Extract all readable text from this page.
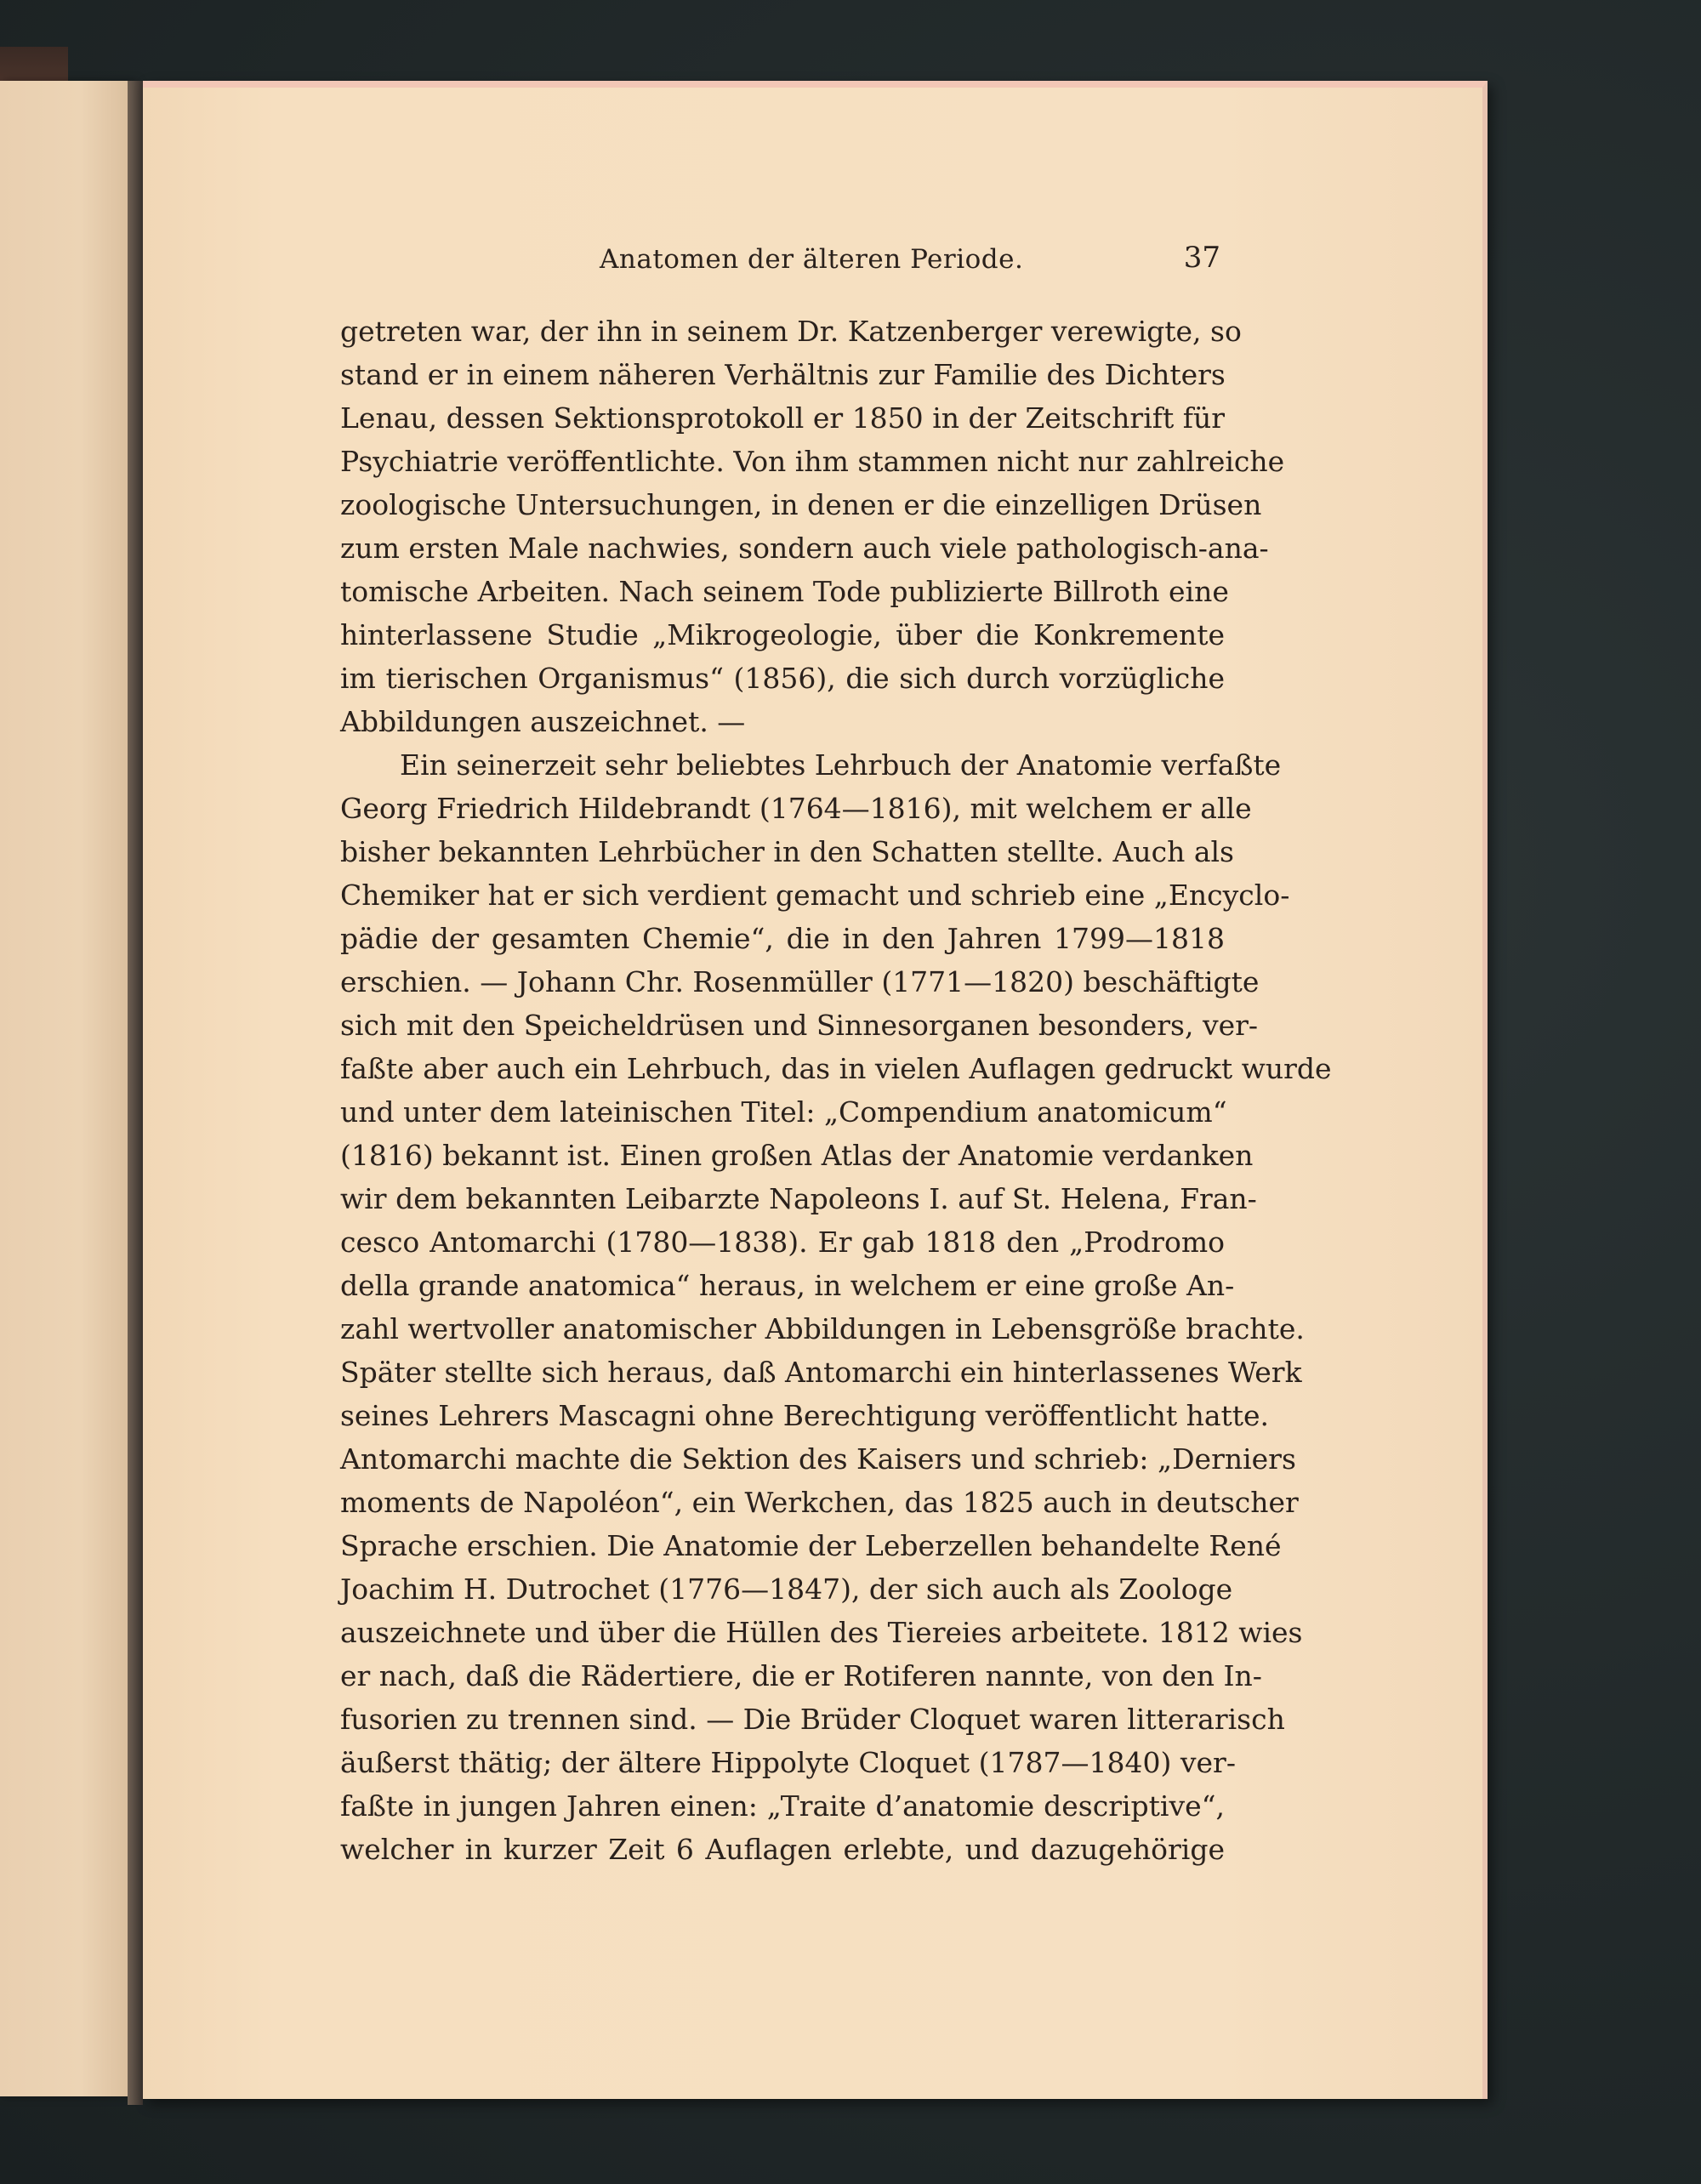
Anatomen der älteren Periode.	37
getreten war, der ihn in seinem Dr. Katzenberger verewigte, so
stand er in einem näheren Verhältnis zur Familie des Dichters
Lenau, dessen Sektionsprotokoll er 1850 in der Zeitschrift für
Psychiatrie veröffentlichte. Von ihm stammen nicht nur zahlreiche
zoologische Untersuchungen, in denen er die einzelligen Drüsen
zum ersten Male nachwies, sondern auch viele pathologisch-ana-
tomische Arbeiten. Nach seinem Tode publizierte Billroth eine
hinterlassene Studie „Mikrogeologie, über die Konkremente
im tierischen Organismus“ (1856), die sich durch vorzügliche
Abbildungen auszeichnet. —
Ein seinerzeit sehr beliebtes Lehrbuch der Anatomie verfaßte
Georg Friedrich Hildebrandt (1764—1816), mit welchem er alle
bisher bekannten Lehrbücher in den Schatten stellte. Auch als
Chemiker hat er sich verdient gemacht und schrieb eine „Encyclo-
pädie der gesamten Chemie“, die in den Jahren 1799—1818
erschien. — Johann Chr. Rosenmüller (1771—1820) beschäftigte
sich mit den Speicheldrüsen und Sinnesorganen besonders, ver-
faßte aber auch ein Lehrbuch, das in vielen Auflagen gedruckt wurde
und unter dem lateinischen Titel: „Compendium anatomicum“
(1816) bekannt ist. Einen großen Atlas der Anatomie verdanken
wir dem bekannten Leibarzte Napoleons I. auf St. Helena, Fran-
cesco Antomarchi (1780—1838). Er gab 1818 den „Prodromo
della grande anatomica“ heraus, in welchem er eine große An-
zahl wertvoller anatomischer Abbildungen in Lebensgröße brachte.
Später stellte sich heraus, daß Antomarchi ein hinterlassenes Werk
seines Lehrers Mascagni ohne Berechtigung veröffentlicht hatte.
Antomarchi machte die Sektion des Kaisers und schrieb: „Derniers
moments de Napoléon“, ein Werkchen, das 1825 auch in deutscher
Sprache erschien. Die Anatomie der Leberzellen behandelte René
Joachim H. Dutrochet (1776—1847), der sich auch als Zoologe
auszeichnete und über die Hüllen des Tiereies arbeitete. 1812 wies
er nach, daß die Rädertiere, die er Rotiferen nannte, von den In-
fusorien zu trennen sind. — Die Brüder Cloquet waren litterarisch
äußerst thätig; der ältere Hippolyte Cloquet (1787—1840) ver-
faßte in jungen Jahren einen: „Traite d’anatomie descriptive“,
welcher in kurzer Zeit 6 Auflagen erlebte, und dazugehörige
